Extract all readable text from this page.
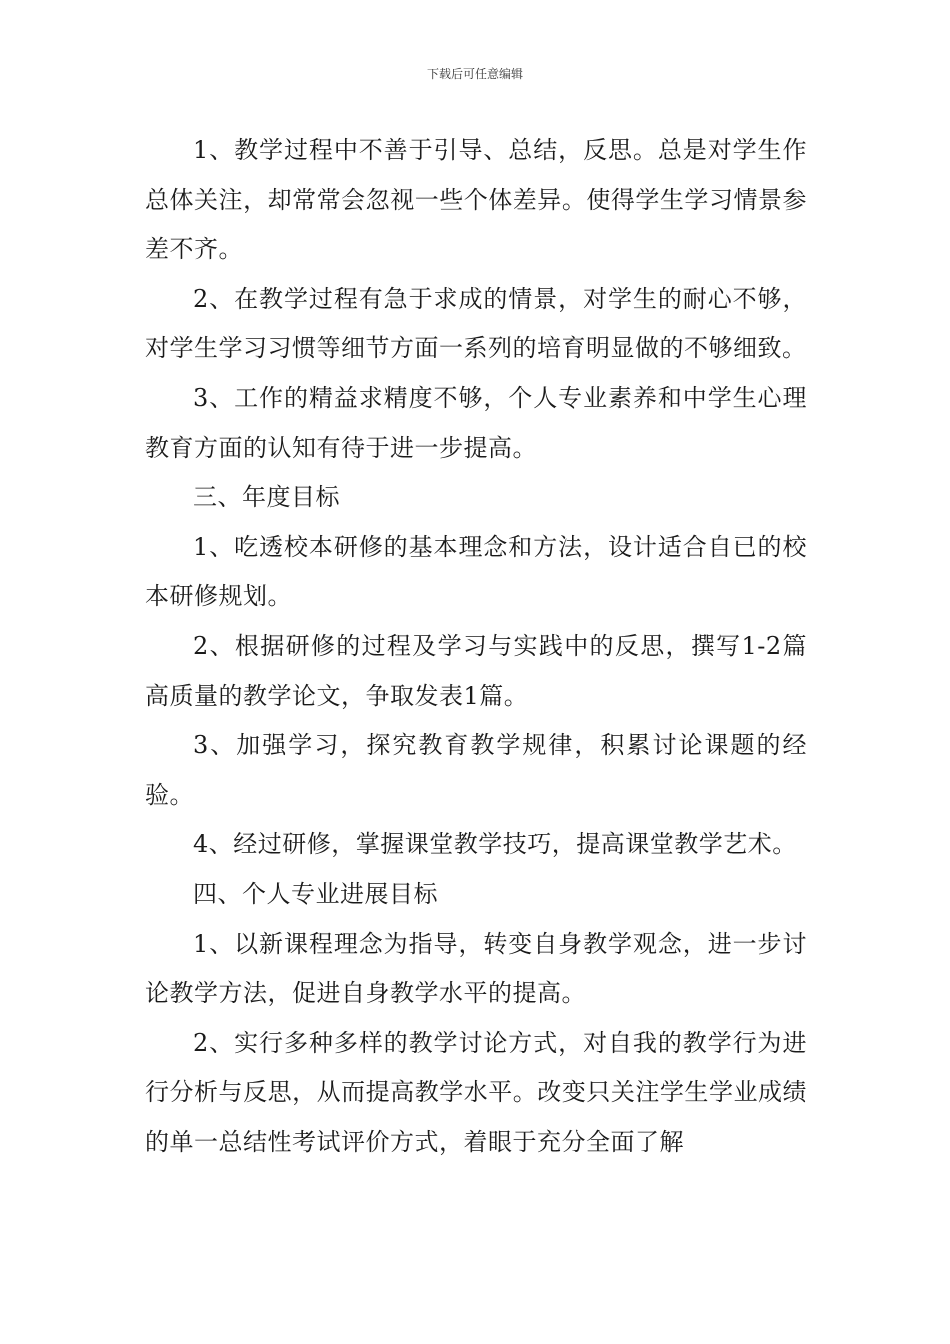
下载后可任意编辑

1、教学过程中不善于引导、总结，反思。总是对学生作总体关注，却常常会忽视一些个体差异。使得学生学习情景参差不齐。

2、在教学过程有急于求成的情景，对学生的耐心不够，对学生学习习惯等细节方面一系列的培育明显做的不够细致。

3、工作的精益求精度不够，个人专业素养和中学生心理教育方面的认知有待于进一步提高。

三、年度目标

1、吃透校本研修的基本理念和方法，设计适合自已的校本研修规划。

2、根据研修的过程及学习与实践中的反思，撰写1-2篇高质量的教学论文，争取发表1篇。

3、加强学习，探究教育教学规律，积累讨论课题的经验。

4、经过研修，掌握课堂教学技巧，提高课堂教学艺术。

四、个人专业进展目标

1、以新课程理念为指导，转变自身教学观念，进一步讨论教学方法，促进自身教学水平的提高。

2、实行多种多样的教学讨论方式，对自我的教学行为进行分析与反思，从而提高教学水平。改变只关注学生学业成绩的单一总结性考试评价方式，着眼于充分全面了解
